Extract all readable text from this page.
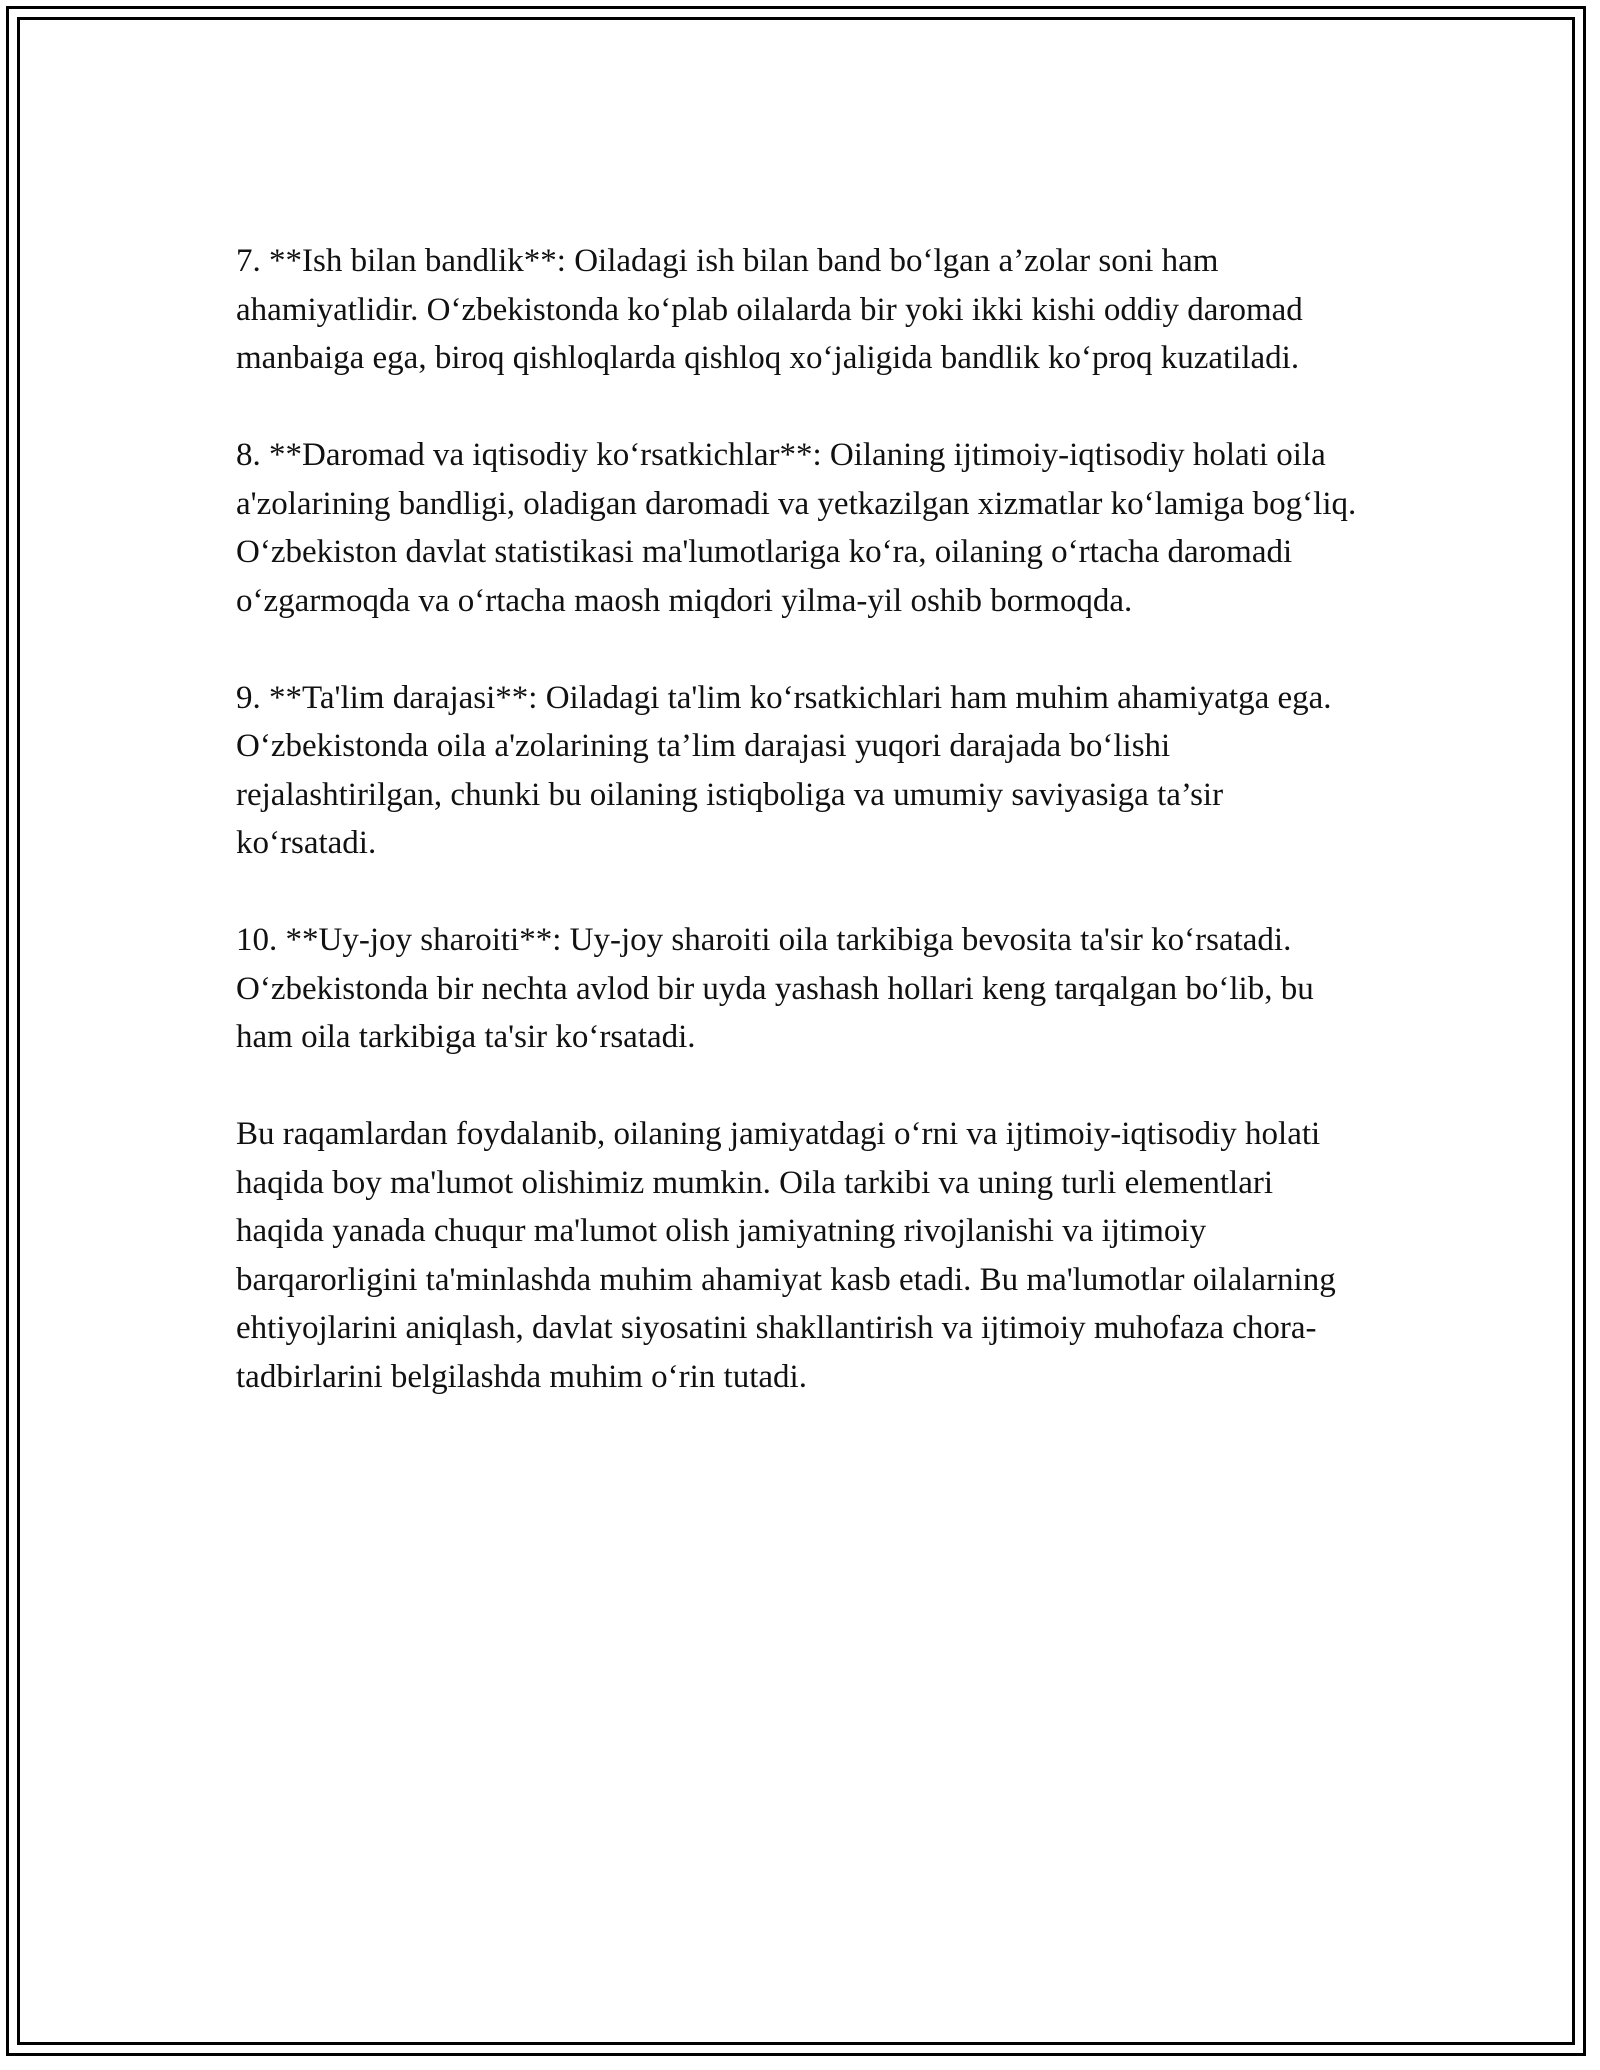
7. **Ish bilan bandlik**: Oiladagi ish bilan band bo‘lgan a’zolar soni ham ahamiyatlidir. O‘zbekistonda ko‘plab oilalarda bir yoki ikki kishi oddiy daromad manbaiga ega, biroq qishloqlarda qishloq xo‘jaligida bandlik ko‘proq kuzatiladi.

8. **Daromad va iqtisodiy ko‘rsatkichlar**: Oilaning ijtimoiy-iqtisodiy holati oila a'zolarining bandligi, oladigan daromadi va yetkazilgan xizmatlar ko‘lamiga bog‘liq. O‘zbekiston davlat statistikasi ma'lumotlariga ko‘ra, oilaning o‘rtacha daromadi o‘zgarmoqda va o‘rtacha maosh miqdori yilma-yil oshib bormoqda.

9. **Ta'lim darajasi**: Oiladagi ta'lim ko‘rsatkichlari ham muhim ahamiyatga ega. O‘zbekistonda oila a'zolarining ta’lim darajasi yuqori darajada bo‘lishi rejalashtirilgan, chunki bu oilaning istiqboliga va umumiy saviyasiga ta’sir ko‘rsatadi.

10. **Uy-joy sharoiti**: Uy-joy sharoiti oila tarkibiga bevosita ta'sir ko‘rsatadi. O‘zbekistonda bir nechta avlod bir uyda yashash hollari keng tarqalgan bo‘lib, bu ham oila tarkibiga ta'sir ko‘rsatadi.

Bu raqamlardan foydalanib, oilaning jamiyatdagi o‘rni va ijtimoiy-iqtisodiy holati haqida boy ma'lumot olishimiz mumkin. Oila tarkibi va uning turli elementlari haqida yanada chuqur ma'lumot olish jamiyatning rivojlanishi va ijtimoiy barqarorligini ta'minlashda muhim ahamiyat kasb etadi. Bu ma'lumotlar oilalarning ehtiyojlarini aniqlash, davlat siyosatini shakllantirish va ijtimoiy muhofaza chora-tadbirlarini belgilashda muhim o‘rin tutadi.
